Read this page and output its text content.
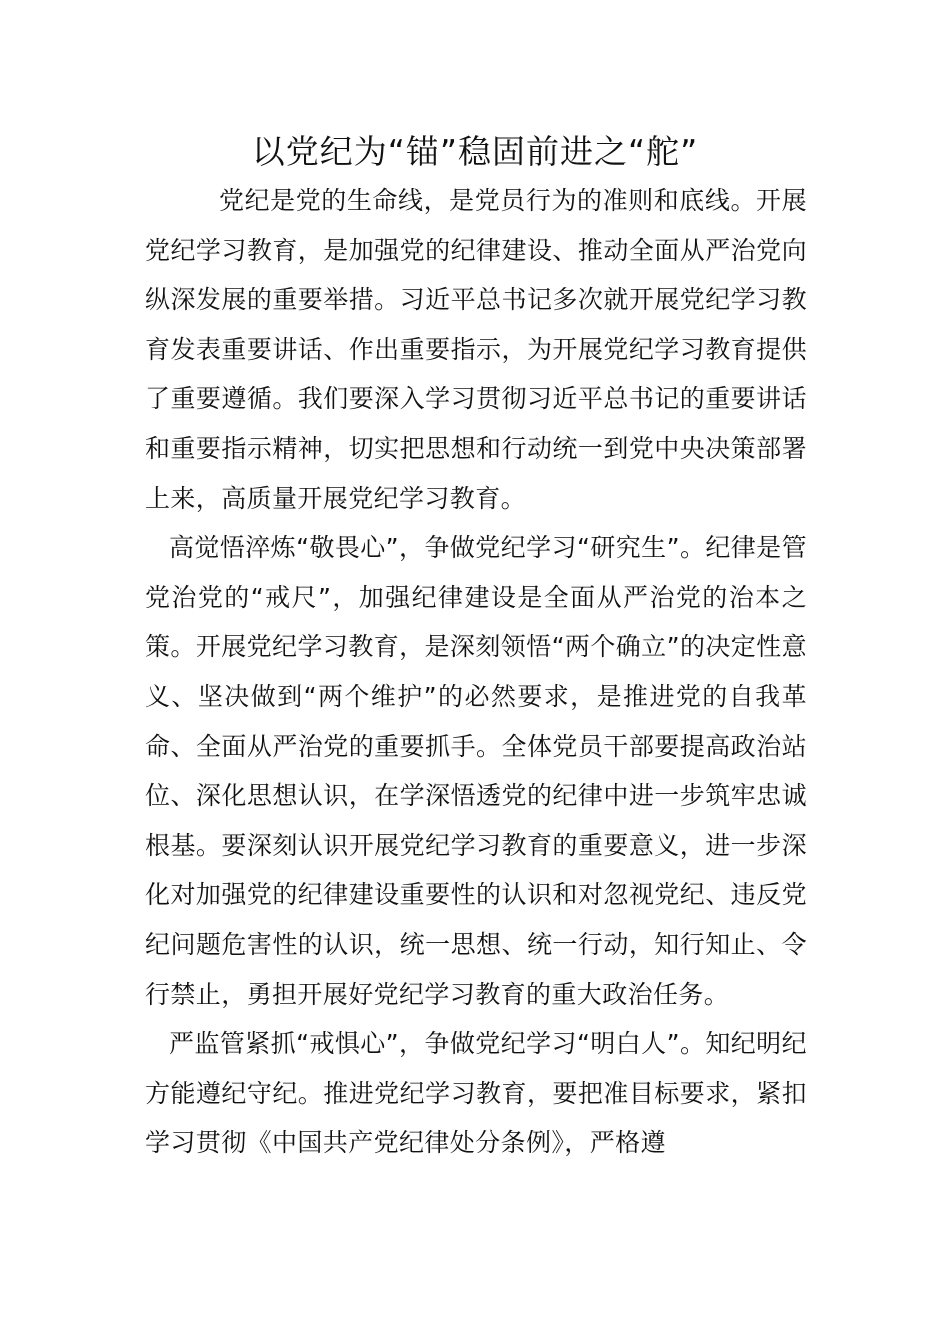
以党纪为“锚”稳固前进之“舵”

党纪是党的生命线，是党员行为的准则和底线。开展党纪学习教育，是加强党的纪律建设、推动全面从严治党向纵深发展的重要举措。习近平总书记多次就开展党纪学习教育发表重要讲话、作出重要指示，为开展党纪学习教育提供了重要遵循。我们要深入学习贯彻习近平总书记的重要讲话和重要指示精神，切实把思想和行动统一到党中央决策部署上来，高质量开展党纪学习教育。

高觉悟淬炼“敬畏心”，争做党纪学习“研究生”。纪律是管党治党的“戒尺”，加强纪律建设是全面从严治党的治本之策。开展党纪学习教育，是深刻领悟“两个确立”的决定性意义、坚决做到“两个维护”的必然要求，是推进党的自我革命、全面从严治党的重要抓手。全体党员干部要提高政治站位、深化思想认识，在学深悟透党的纪律中进一步筑牢忠诚根基。要深刻认识开展党纪学习教育的重要意义，进一步深化对加强党的纪律建设重要性的认识和对忽视党纪、违反党纪问题危害性的认识，统一思想、统一行动，知行知止、令行禁止，勇担开展好党纪学习教育的重大政治任务。

严监管紧抓“戒惧心”，争做党纪学习“明白人”。知纪明纪方能遵纪守纪。推进党纪学习教育，要把准目标要求，紧扣学习贯彻《中国共产党纪律处分条例》，严格遵
